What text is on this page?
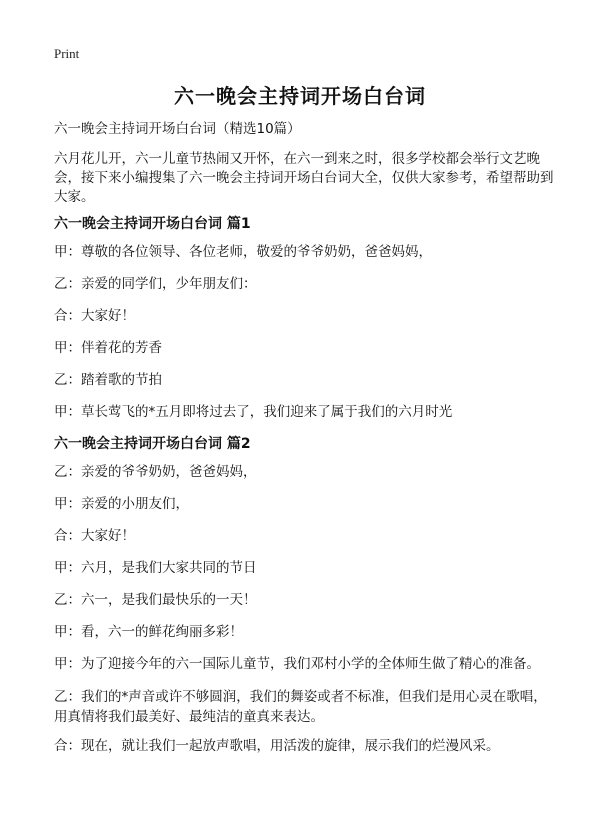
Print
六一晚会主持词开场白台词

六一晚会主持词开场白台词（精选10篇）

六月花儿开，六一儿童节热闹又开怀，在六一到来之时，很多学校都会举行文艺晚会，接下来小编搜集了六一晚会主持词开场白台词大全，仅供大家参考，希望帮助到大家。

六一晚会主持词开场白台词 篇1

甲：尊敬的各位领导、各位老师，敬爱的爷爷奶奶，爸爸妈妈，

乙：亲爱的同学们，少年朋友们：

合：大家好！

甲：伴着花的芳香

乙：踏着歌的节拍

甲：草长莺飞的*五月即将过去了，我们迎来了属于我们的六月时光

六一晚会主持词开场白台词 篇2

乙：亲爱的爷爷奶奶，爸爸妈妈，

甲：亲爱的小朋友们，

合：大家好！

甲：六月，是我们大家共同的节日

乙：六一，是我们最快乐的一天！

甲：看，六一的鲜花绚丽多彩！

甲：为了迎接今年的六一国际儿童节，我们邓村小学的全体师生做了精心的准备。

乙：我们的*声音或许不够圆润，我们的舞姿或者不标准，但我们是用心灵在歌唱，用真情将我们最美好、最纯洁的童真来表达。

合：现在，就让我们一起放声歌唱，用活泼的旋律，展示我们的烂漫风采。
